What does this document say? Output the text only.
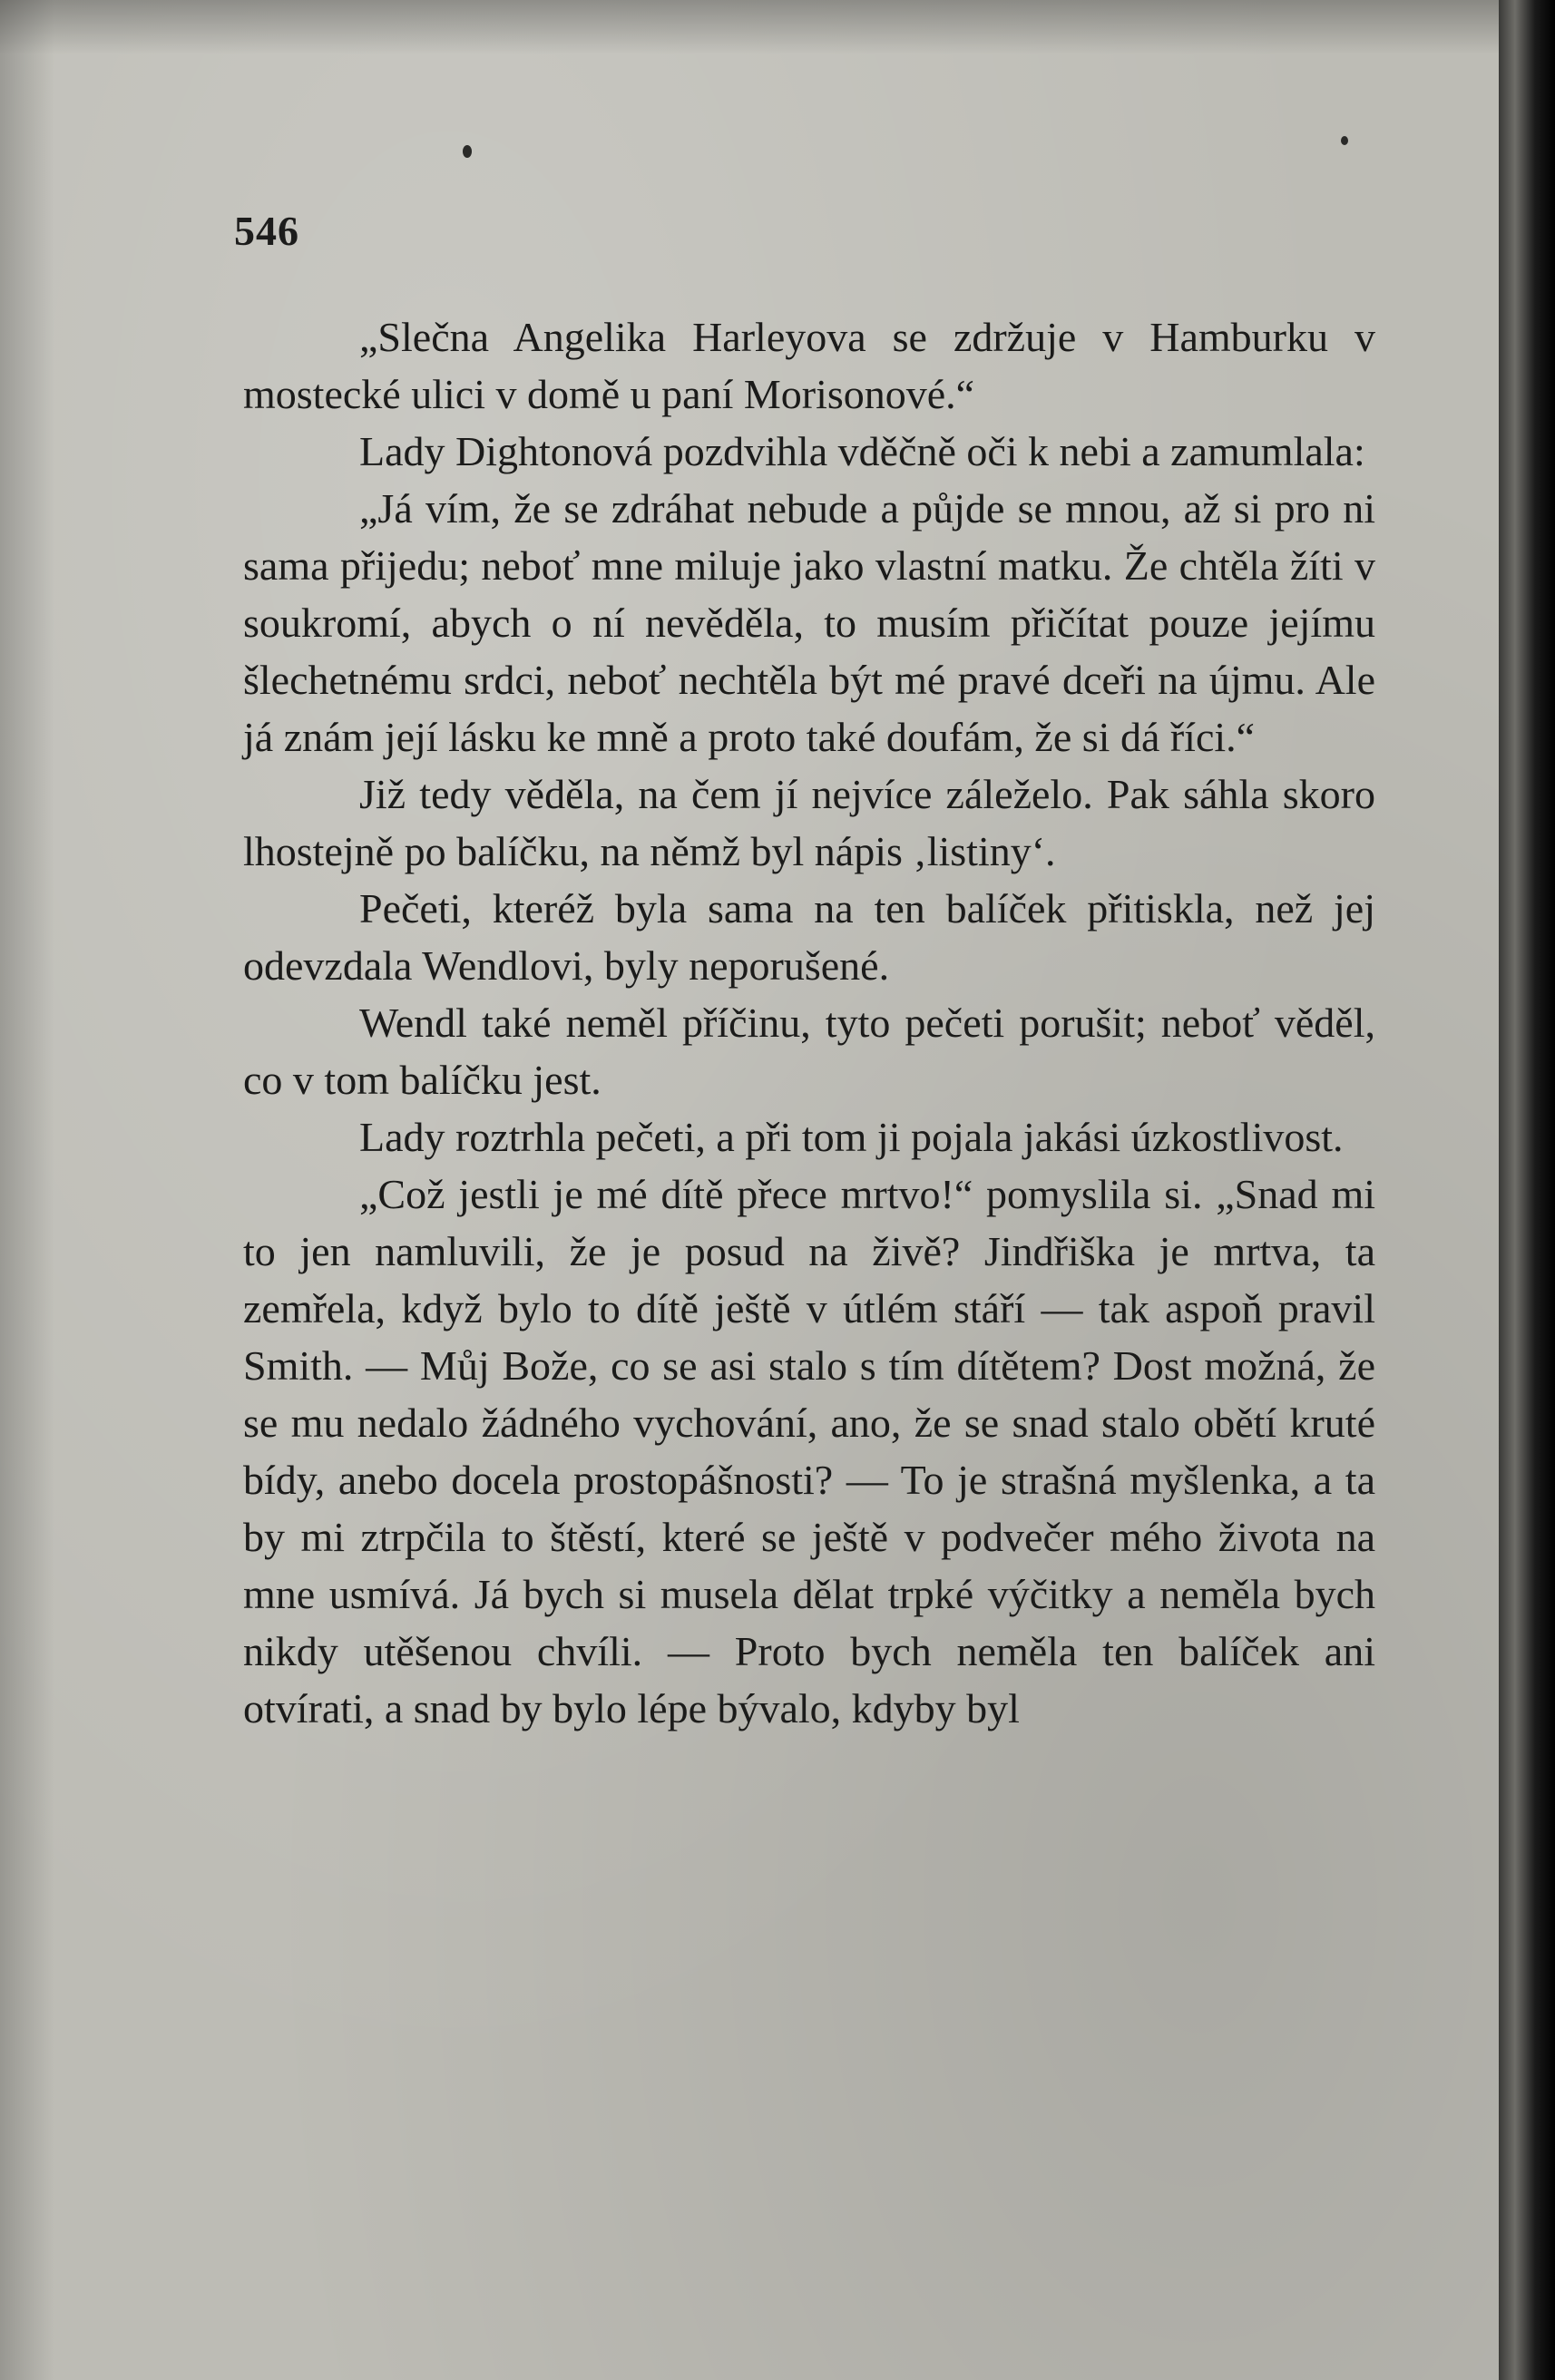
546

„Slečna Angelika Harleyova se zdržuje v Hamburku v mostecké ulici v domě u paní Morisonové.“

Lady Dightonová pozdvihla vděčně oči k nebi a zamumlala:

„Já vím, že se zdráhat nebude a půjde se mnou, až si pro ni sama přijedu; neboť mne miluje jako vlastní matku. Že chtěla žíti v soukromí, abych o ní nevěděla, to musím přičítat pouze jejímu šlechetnému srdci, neboť nechtěla být mé pravé dceři na újmu. Ale já znám její lásku ke mně a proto také doufám, že si dá říci.“

Již tedy věděla, na čem jí nejvíce záleželo. Pak sáhla skoro lhostejně po balíčku, na němž byl nápis ‚listiny‘.

Pečeti, kteréž byla sama na ten balíček přitiskla, než jej odevzdala Wendlovi, byly neporušené.

Wendl také neměl příčinu, tyto pečeti porušit; neboť věděl, co v tom balíčku jest.

Lady roztrhla pečeti, a při tom ji pojala jakási úzkostlivost.

„Což jestli je mé dítě přece mrtvo!“ pomyslila si. „Snad mi to jen namluvili, že je posud na živě? Jindřiška je mrtva, ta zemřela, když bylo to dítě ještě v útlém stáří — tak aspoň pravil Smith. — Můj Bože, co se asi stalo s tím dítětem? Dost možná, že se mu nedalo žádného vychování, ano, že se snad stalo obětí kruté bídy, anebo docela prostopášnosti? — To je strašná myšlenka, a ta by mi ztrpčila to štěstí, které se ještě v podvečer mého života na mne usmívá. Já bych si musela dělat trpké výčitky a neměla bych nikdy utěšenou chvíli. — Proto bych neměla ten balíček ani otvírati, a snad by bylo lépe bývalo, kdyby byl
